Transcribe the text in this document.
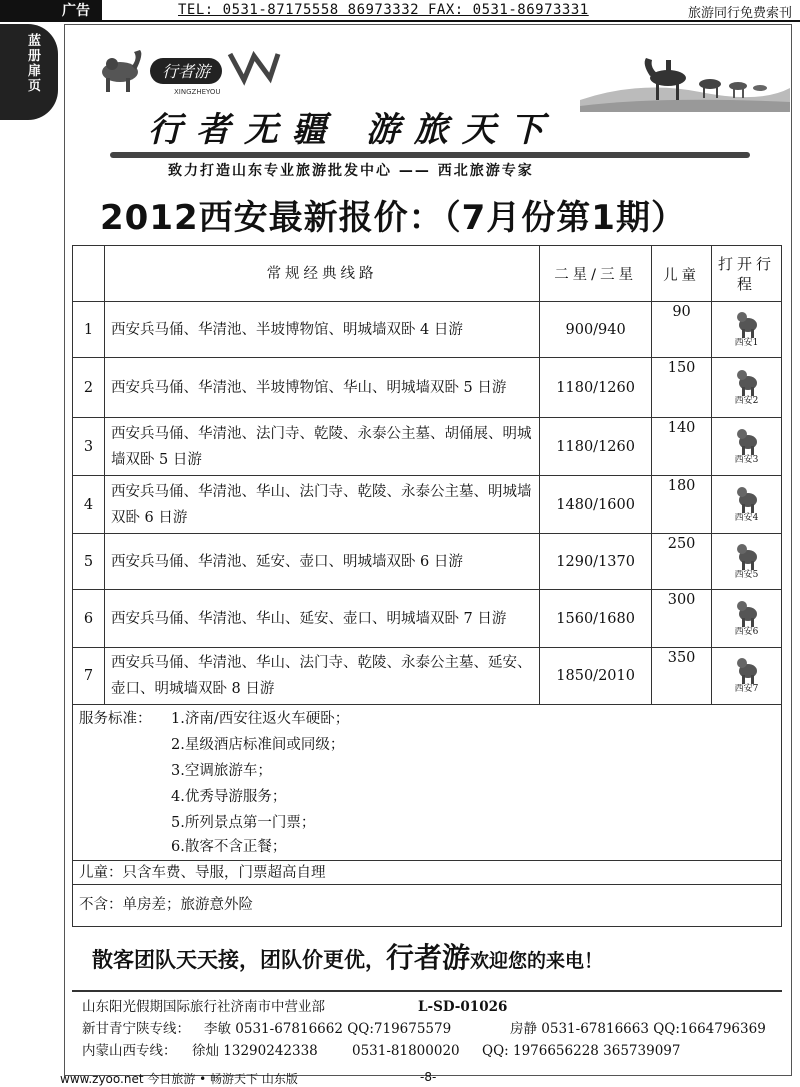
广告	TEL: 0531-87175558 86973332 FAX: 0531-86973331	旅游同行免费索刊
蓝册扉页
行者游
XINGZHEYOU
行者无疆 游旅天下
致力打造山东专业旅游批发中心 —— 西北旅游专家
2012西安最新报价：（7月份第1期）
	常规经典线路	二星/三星	儿童	打开行程
1	西安兵马俑、华清池、半坡博物馆、明城墙双卧 4 日游	900/940	90	西安1

2	西安兵马俑、华清池、半坡博物馆、华山、明城墙双卧 5 日游	1180/1260	150	西安2

3	西安兵马俑、华清池、法门寺、乾陵、永泰公主墓、胡俑展、明城墙双卧 5 日游	1180/1260	140	西安3

4	西安兵马俑、华清池、华山、法门寺、乾陵、永泰公主墓、明城墙双卧 6 日游	1480/1600	180	西安4

5	西安兵马俑、华清池、延安、壶口、明城墙双卧 6 日游	1290/1370	250	西安5

6	西安兵马俑、华清池、华山、延安、壶口、明城墙双卧 7 日游	1560/1680	300	西安6

7	西安兵马俑、华清池、华山、法门寺、乾陵、永泰公主墓、延安、壶口、明城墙双卧 8 日游	1850/2010	350	西安7
服务标准： 1.济南/西安往返火车硬卧；
2.星级酒店标准间或同级；
3.空调旅游车；
4.优秀导游服务；
5.所列景点第一门票；
6.散客不含正餐；
儿童：只含车费、导服，门票超高自理
不含：单房差；旅游意外险
散客团队天天接，团队价更优，行者游欢迎您的来电！
山东阳光假期国际旅行社济南市中营业部	L-SD-01026
新甘青宁陕专线： 李敏 0531-67816662 QQ:719675579	房静 0531-67816663 QQ:1664796369
内蒙山西专线： 徐灿 13290242338	0531-81800020 QQ: 1976656228 365739097
www.zyoo.net 今日旅游 • 畅游天下 山东版	-8-
